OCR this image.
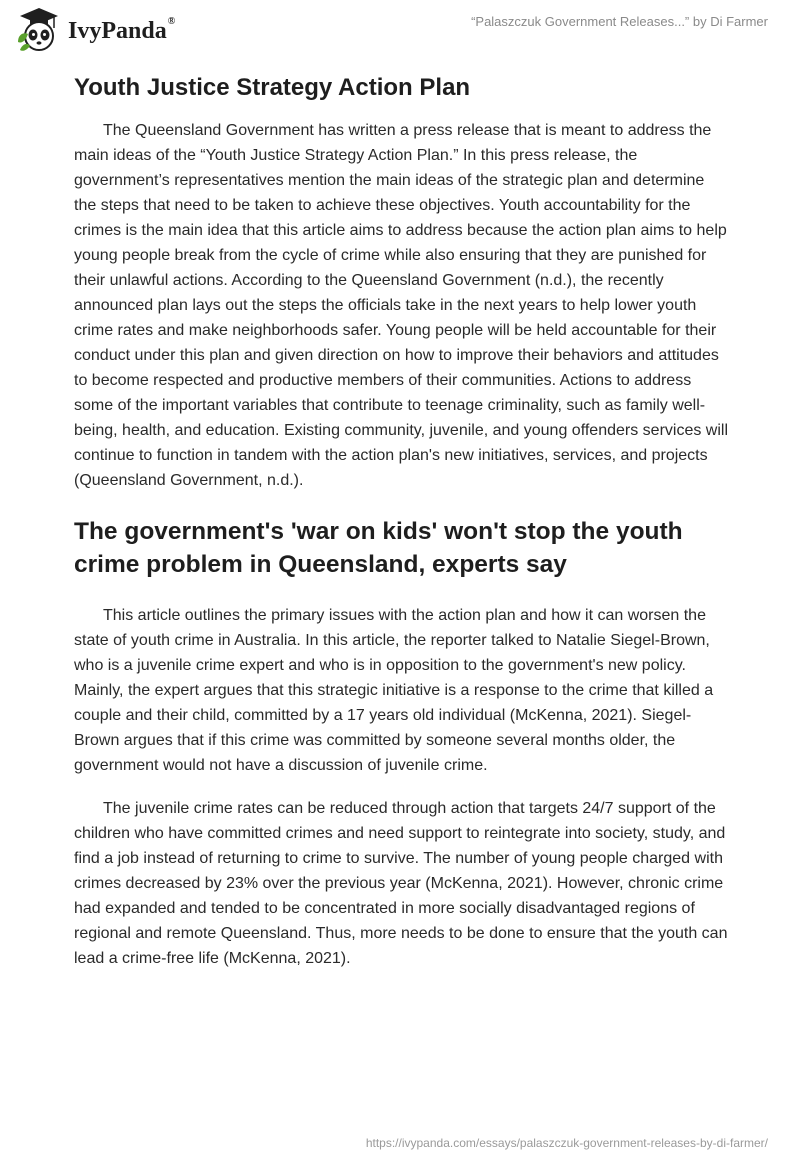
IvyPanda®	“Palaszczuk Government Releases...” by Di Farmer
Youth Justice Strategy Action Plan

The Queensland Government has written a press release that is meant to address the main ideas of the “Youth Justice Strategy Action Plan.” In this press release, the government’s representatives mention the main ideas of the strategic plan and determine the steps that need to be taken to achieve these objectives. Youth accountability for the crimes is the main idea that this article aims to address because the action plan aims to help young people break from the cycle of crime while also ensuring that they are punished for their unlawful actions. According to the Queensland Government (n.d.), the recently announced plan lays out the steps the officials take in the next years to help lower youth crime rates and make neighborhoods safer. Young people will be held accountable for their conduct under this plan and given direction on how to improve their behaviors and attitudes to become respected and productive members of their communities. Actions to address some of the important variables that contribute to teenage criminality, such as family well-being, health, and education. Existing community, juvenile, and young offenders services will continue to function in tandem with the action plan's new initiatives, services, and projects (Queensland Government, n.d.).

The government's 'war on kids' won't stop the youth crime problem in Queensland, experts say

This article outlines the primary issues with the action plan and how it can worsen the state of youth crime in Australia. In this article, the reporter talked to Natalie Siegel-Brown, who is a juvenile crime expert and who is in opposition to the government's new policy. Mainly, the expert argues that this strategic initiative is a response to the crime that killed a couple and their child, committed by a 17 years old individual (McKenna, 2021). Siegel-Brown argues that if this crime was committed by someone several months older, the government would not have a discussion of juvenile crime.

The juvenile crime rates can be reduced through action that targets 24/7 support of the children who have committed crimes and need support to reintegrate into society, study, and find a job instead of returning to crime to survive. The number of young people charged with crimes decreased by 23% over the previous year (McKenna, 2021). However, chronic crime had expanded and tended to be concentrated in more socially disadvantaged regions of regional and remote Queensland. Thus, more needs to be done to ensure that the youth can lead a crime-free life (McKenna, 2021).

https://ivypanda.com/essays/palaszczuk-government-releases-by-di-farmer/
